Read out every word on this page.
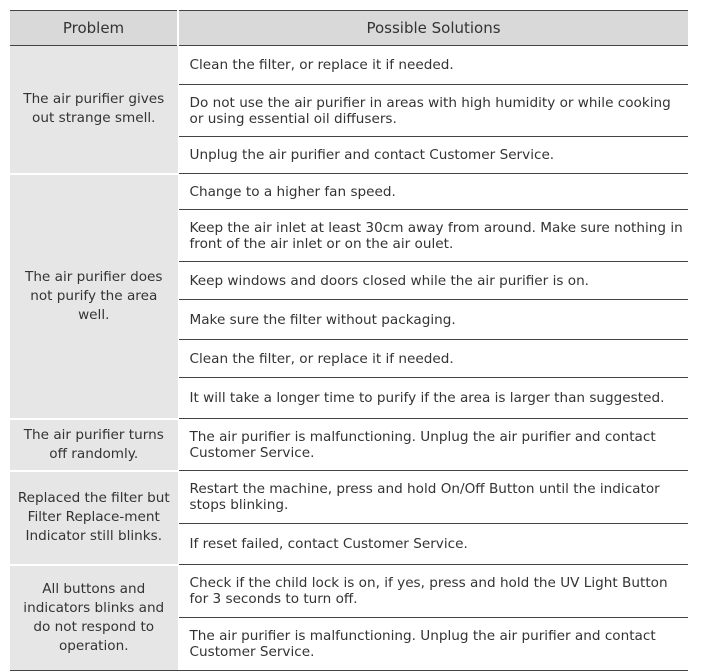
Problem	Possible Solutions
The air purifier gives out strange smell.	Clean the filter, or replace it if needed.
	Do not use the air purifier in areas with high humidity or while cooking or using essential oil diffusers.
	Unplug the air purifier and contact Customer Service.
The air purifier does not purify the area well.	Change to a higher fan speed.
	Keep the air inlet at least 30cm away from around. Make sure nothing in front of the air inlet or on the air oulet.
	Keep windows and doors closed while the air purifier is on.
	Make sure the filter without packaging.
	Clean the filter, or replace it if needed.
	It will take a longer time to purify if the area is larger than suggested.
The air purifier turns off randomly.	The air purifier is malfunctioning. Unplug the air purifier and contact Customer Service.
Replaced the filter but Filter Replace-ment Indicator still blinks.	Restart the machine, press and hold On/Off Button until the indicator stops blinking.
	If reset failed, contact Customer Service.
All buttons and indicators blinks and do not respond to operation.	Check if the child lock is on, if yes, press and hold the UV Light Button for 3 seconds to turn off.
	The air purifier is malfunctioning. Unplug the air purifier and contact Customer Service.
